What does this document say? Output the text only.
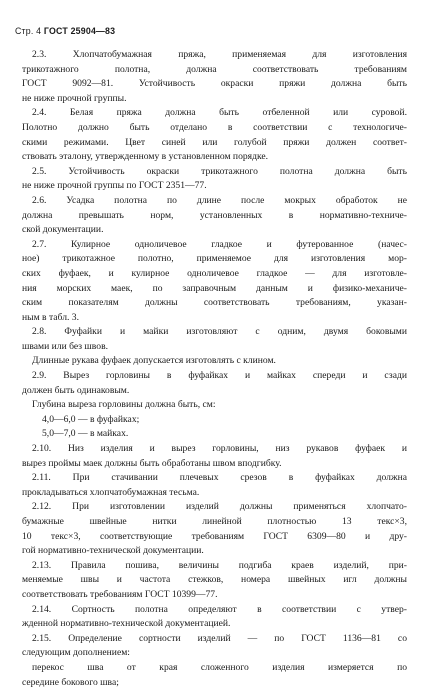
Стр. 4 ГОСТ 25904—83
2.3. Хлопчатобумажная пряжа, применяемая для изготовления
трикотажного полотна, должна соответствовать требованиям
ГОСТ 9092—81. Устойчивость окраски пряжи должна быть
не ниже прочной группы.
2.4. Белая пряжа должна быть отбеленной или суровой.
Полотно должно быть отделано в соответствии с технологиче-
скими режимами. Цвет синей или голубой пряжи должен соответ-
ствовать эталону, утвержденному в установленном порядке.
2.5. Устойчивость окраски трикотажного полотна должна быть
не ниже прочной группы по ГОСТ 2351—77.
2.6. Усадка полотна по длине после мокрых обработок не
должна превышать норм, установленных в нормативно-техниче-
ской документации.
2.7. Кулирное одноличевое гладкое и футерованное (начес-
ное) трикотажное полотно, применяемое для изготовления мор-
ских фуфаек, и кулирное одноличевое гладкое — для изготовле-
ния морских маек, по заправочным данным и физико-механиче-
ским показателям должны соответствовать требованиям, указан-
ным в табл. 3.
2.8. Фуфайки и майки изготовляют с одним, двумя боковыми
швами или без швов.
Длинные рукава фуфаек допускается изготовлять с клином.
2.9. Вырез горловины в фуфайках и майках спереди и сзади
должен быть одинаковым.
Глубина выреза горловины должна быть, см:
4,0—6,0 — в фуфайках;
5,0—7,0 — в майках.
2.10. Низ изделия и вырез горловины, низ рукавов фуфаек и
вырез проймы маек должны быть обработаны швом вподгибку.
2.11. При стачивании плечевых срезов в фуфайках должна
прокладываться хлопчатобумажная тесьма.
2.12. При изготовлении изделий должны применяться хлопчато-
бумажные швейные нитки линейной плотностью 13 текс×3,
10 текс×3, соответствующие требованиям ГОСТ 6309—80 и дру-
гой нормативно-технической документации.
2.13. Правила пошива, величины подгиба краев изделий, при-
меняемые швы и частота стежков, номера швейных игл должны
соответствовать требованиям ГОСТ 10399—77.
2.14. Сортность полотна определяют в соответствии с утвер-
жденной нормативно-технической документацией.
2.15. Определение сортности изделий — по ГОСТ 1136—81 со
следующим дополнением:
перекос шва от края сложенного изделия измеряется по
середине бокового шва;
